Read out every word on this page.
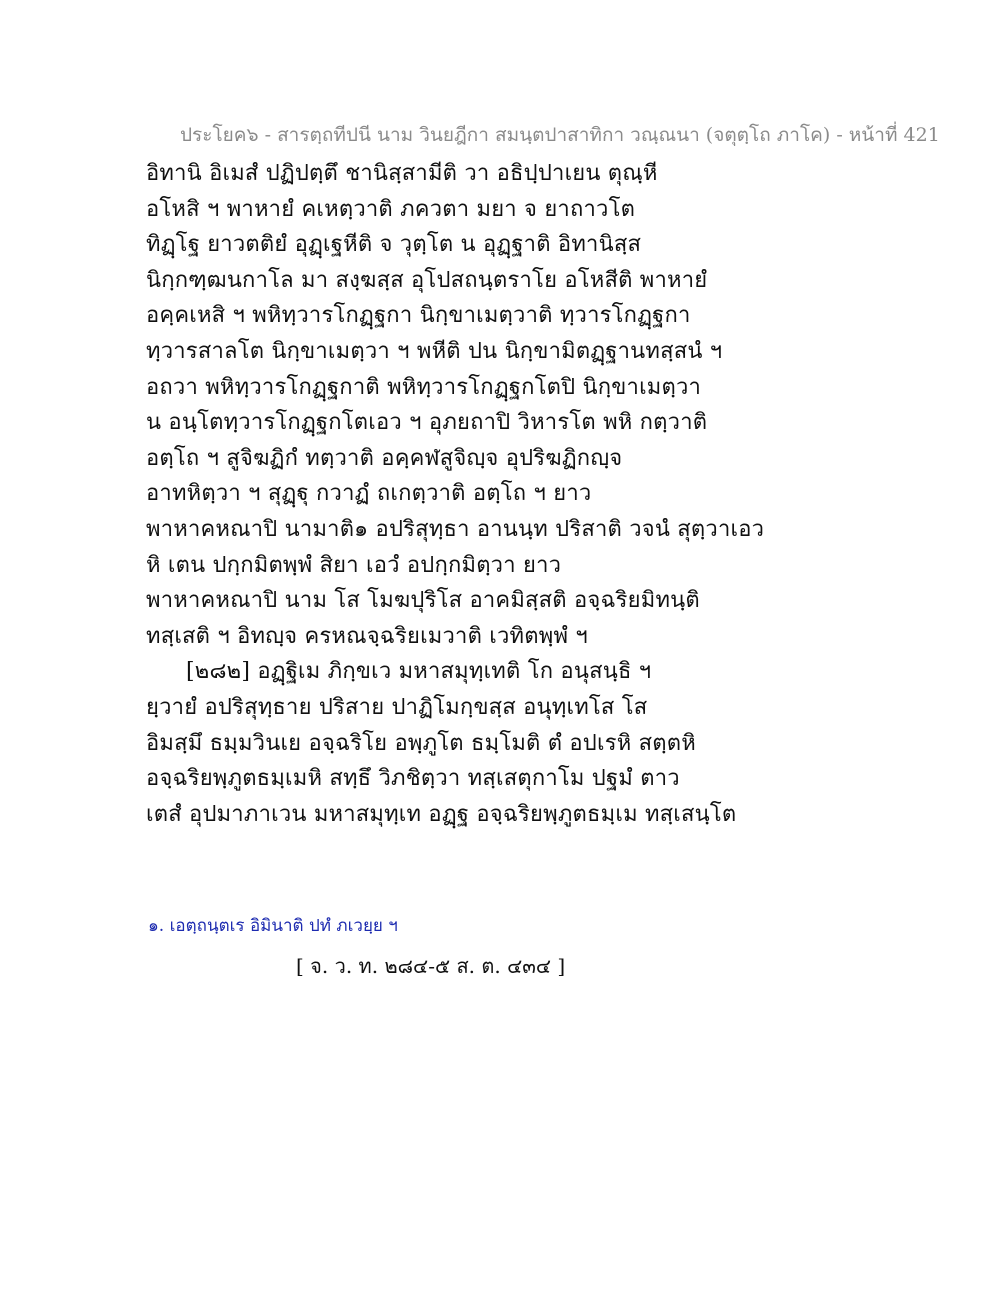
ประโยค๖ - สารตฺถทีปนี นาม วินยฎีกา สมนฺตปาสาทิกา วณฺณนา (จตุตฺโถ ภาโค) - หน้าที่ 421
อิทานิ อิเมสํ ปฏิปตฺตึ ชานิสฺสามีติ วา อธิปฺปาเยน ตุณฺหี
อโหสิ ฯ พาหายํ คเหตฺวาติ ภควตา มยา จ ยาถาวโต
ทิฏฺโฐ ยาวตติยํ อุฏฺเฐหีติ จ วุตฺโต น อุฏฺฐาติ อิทานิสฺส
นิกฺกฑฺฒนกาโล มา สงฺฆสฺส อุโปสถนฺตราโย อโหสีติ พาหายํ
อคฺคเหสิ ฯ พหิทฺวารโกฏฺฐกา นิกฺขาเมตฺวาติ ทฺวารโกฏฺฐกา
ทฺวารสาลโต นิกฺขาเมตฺวา ฯ พหีติ ปน นิกฺขามิตฏฺฐานทสฺสนํ ฯ
อถวา พหิทฺวารโกฏฺฐกาติ พหิทฺวารโกฏฺฐกโตปิ นิกฺขาเมตฺวา
น อนฺโตทฺวารโกฏฺฐกโตเอว ฯ อุภยถาปิ วิหารโต พหิ กตฺวาติ
อตฺโถ ฯ สูจิฆฏิกํ ทตฺวาติ อคฺคฬสูจิญฺจ อุปริฆฏิกญฺจ
อาทหิตฺวา ฯ สุฏฺฐุ กวาฏํ ถเกตฺวาติ อตฺโถ ฯ ยาว
พาหาคหณาปิ นามาติ๑ อปริสุทฺธา อานนฺท ปริสาติ วจนํ สุตฺวาเอว
หิ เตน ปกฺกมิตพฺพํ สิยา เอวํ อปกฺกมิตฺวา ยาว
พาหาคหณาปิ นาม โส โมฆปุริโส อาคมิสฺสติ อจฺฉริยมิทนฺติ
ทสฺเสติ ฯ อิทญฺจ ครหณจฺฉริยเมวาติ เวทิตพฺพํ ฯ
[๒๘๒] อฏฺฐิเม ภิกฺขเว มหาสมุทฺเทติ โก อนุสนฺธิ ฯ
ยฺวายํ อปริสุทฺธาย ปริสาย ปาฏิโมกฺขสฺส อนุทฺเทโส โส
อิมสฺมึ ธมฺมวินเย อจฺฉริโย อพฺภูโต ธมฺโมติ ตํ อปเรหิ สตฺตหิ
อจฺฉริยพฺภูตธมฺเมหิ สทฺธึ วิภชิตฺวา ทสฺเสตุกาโม ปฐมํ ตาว
เตสํ อุปมาภาเวน มหาสมุทฺเท อฏฺฐ อจฺฉริยพฺภูตธมฺเม ทสฺเสนฺโต
๑. เอตฺถนฺตเร อิมินาติ ปทํ ภเวยฺย ฯ
[ จ. ว. ท. ๒๘๔-๕ ส. ต. ๔๓๔ ]
